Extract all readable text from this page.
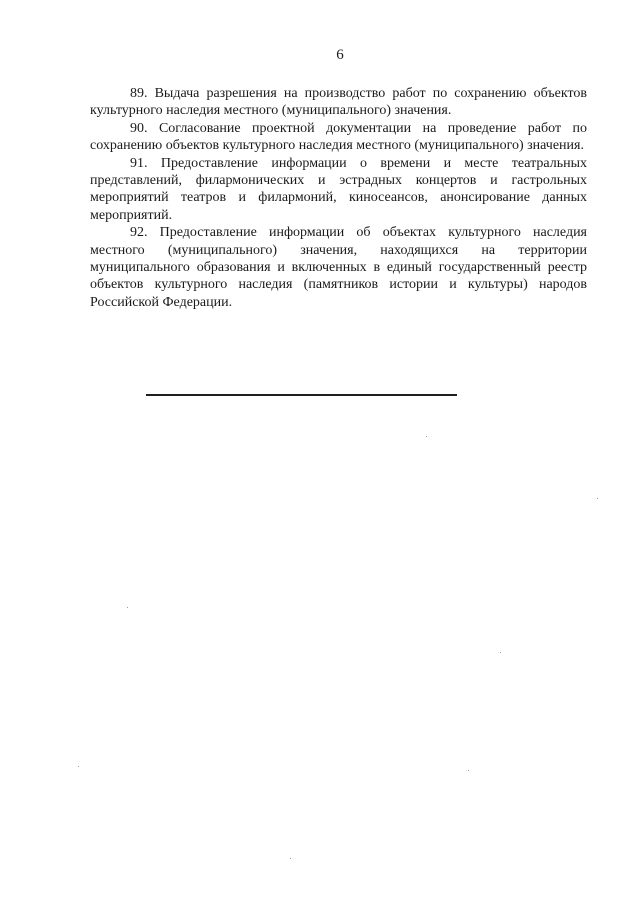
6

89. Выдача разрешения на производство работ по сохранению объектов культурного наследия местного (муниципального) значения.

90. Согласование проектной документации на проведение работ по сохранению объектов культурного наследия местного (муниципального) значения.

91. Предоставление информации о времени и месте театральных представлений, филармонических и эстрадных концертов и гастрольных мероприятий театров и филармоний, киносеансов, анонсирование данных мероприятий.

92. Предоставление информации об объектах культурного наследия местного (муниципального) значения, находящихся на территории муниципального образования и включенных в единый государственный реестр объектов культурного наследия (памятников истории и культуры) народов Российской Федерации.
